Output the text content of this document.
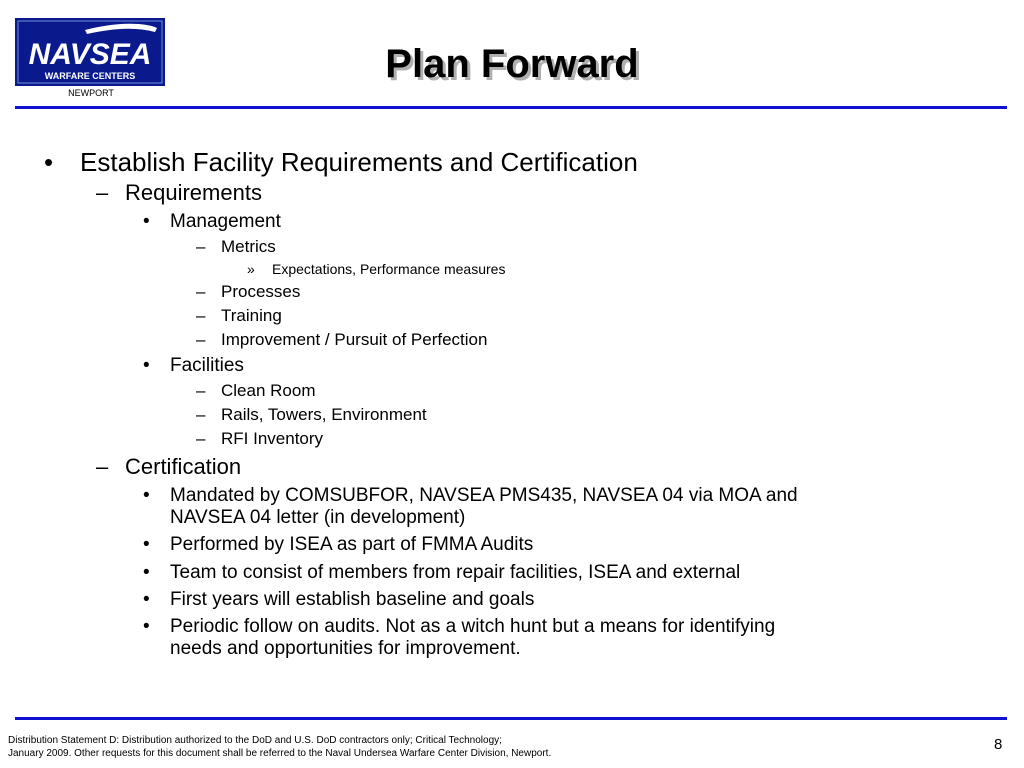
NAVSEA
WARFARE CENTERS
NEWPORT
Plan Forward
• Establish Facility Requirements and Certification
– Requirements
• Management
– Metrics
» Expectations, Performance measures
– Processes
– Training
– Improvement / Pursuit of Perfection
• Facilities
– Clean Room
– Rails, Towers, Environment
– RFI Inventory
– Certification
• Mandated by COMSUBFOR, NAVSEA PMS435, NAVSEA 04 via MOA and
NAVSEA 04 letter (in development)
• Performed by ISEA as part of FMMA Audits
• Team to consist of members from repair facilities, ISEA and external
• First years will establish baseline and goals
• Periodic follow on audits. Not as a witch hunt but a means for identifying
needs and opportunities for improvement.
Distribution Statement D: Distribution authorized to the DoD and U.S. DoD contractors only; Critical Technology;
January 2009. Other requests for this document shall be referred to the Naval Undersea Warfare Center Division, Newport.
8
